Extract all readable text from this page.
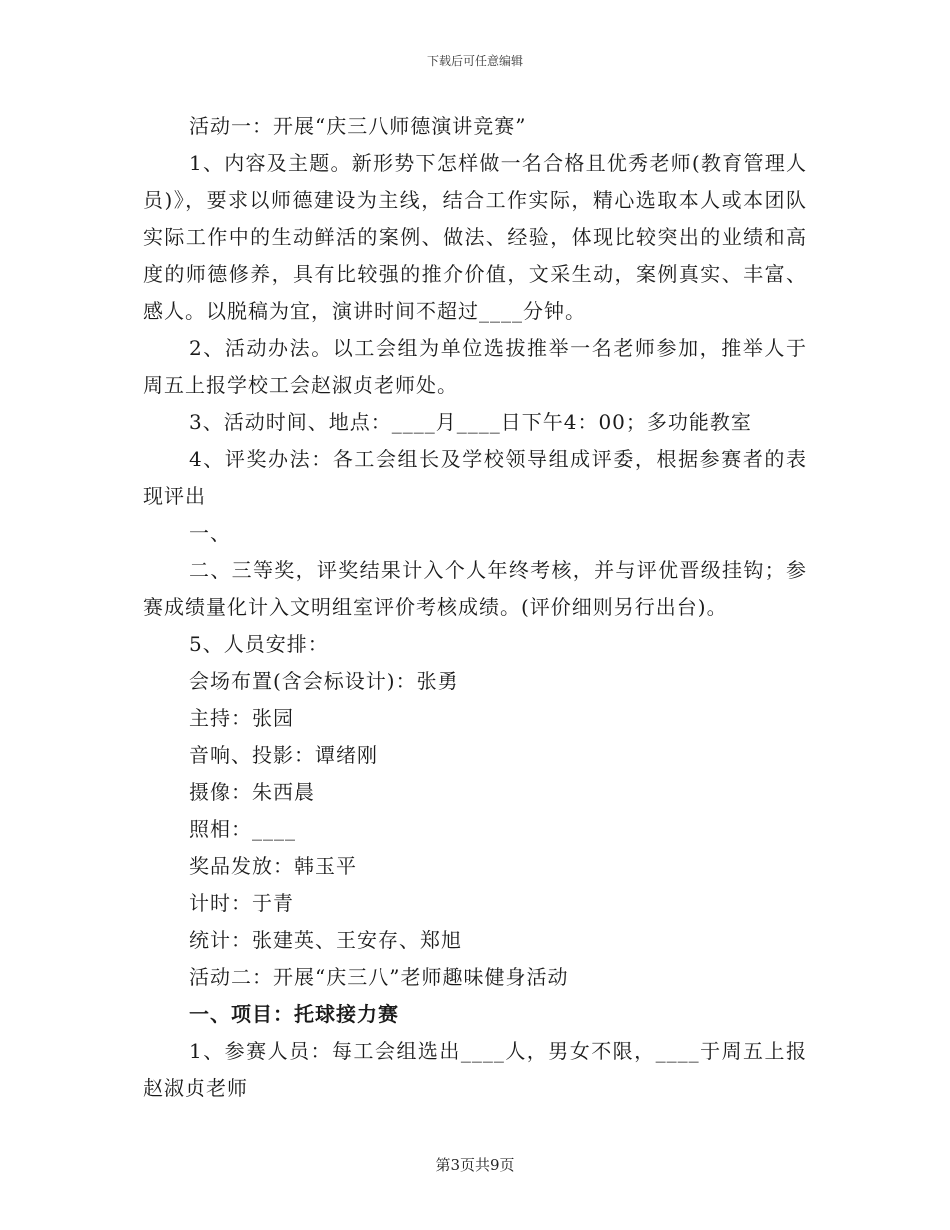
下载后可任意编辑

活动一：开展“庆三八师德演讲竞赛”

1、内容及主题。新形势下怎样做一名合格且优秀老师(教育管理人员)》，要求以师德建设为主线，结合工作实际，精心选取本人或本团队实际工作中的生动鲜活的案例、做法、经验，体现比较突出的业绩和高度的师德修养，具有比较强的推介价值，文采生动，案例真实、丰富、感人。以脱稿为宜，演讲时间不超过____分钟。

2、活动办法。以工会组为单位选拔推举一名老师参加，推举人于周五上报学校工会赵淑贞老师处。

3、活动时间、地点：____月____日下午4：00；多功能教室

4、评奖办法：各工会组长及学校领导组成评委，根据参赛者的表现评出

一、

二、三等奖，评奖结果计入个人年终考核，并与评优晋级挂钩；参赛成绩量化计入文明组室评价考核成绩。(评价细则另行出台)。

5、人员安排：

会场布置(含会标设计)：张勇

主持：张园

音响、投影：谭绪刚

摄像：朱西晨

照相：____

奖品发放：韩玉平

计时：于青

统计：张建英、王安存、郑旭

活动二：开展“庆三八”老师趣味健身活动

一、项目：托球接力赛

1、参赛人员：每工会组选出____人，男女不限，____于周五上报赵淑贞老师

第3页共9页
